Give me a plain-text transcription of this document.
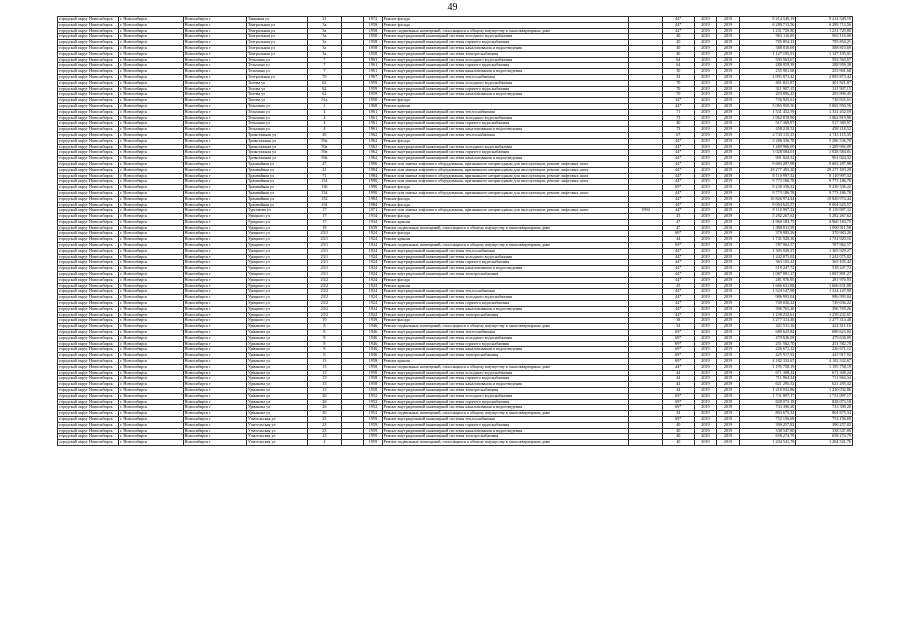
49
городской округ Новосибирск	г. Новосибирск	Новосибирск г	Танковая ул	21		1972	Ремонт фасада		44*	2019	2019	9 214 549,19	9 214 549,19
городской округ Новосибирск	г. Новосибирск	Новосибирск г	Театральная ул	3а		1958	Ремонт фасада		44*	2019	2019	6 289 713,56	6 289 713,56
городской округ Новосибирск	г. Новосибирск	Новосибирск г	Театральная ул	3а		1958	Ремонт подвальных помещений, относящихся к общему имуществу в многоквартирном доме		44*	2019	2019	1 231 729,80	1 231 729,80
городской округ Новосибирск	г. Новосибирск	Новосибирск г	Театральная ул	3а		1958	Ремонт внутридомовой инженерной системы холодного водоснабжения		40	2019	2019	963 116,00	963 116,00
городской округ Новосибирск	г. Новосибирск	Новосибирск г	Театральная ул	3а		1958	Ремонт внутридомовой инженерной системы горячего водоснабжения		40	2019	2019	785 854,21	785 854,21
городской округ Новосибирск	г. Новосибирск	Новосибирск г	Театральная ул	3а		1958	Ремонт внутридомовой инженерной системы канализования и водоотведения		40	2019	2019	588 810,69	588 810,69
городской округ Новосибирск	г. Новосибирск	Новосибирск г	Театральная ул	3а		1958	Ремонт внутридомовой инженерной системы электроснабжения		40	2019	2019	1 127 195,91	1 127 195,91
городской округ Новосибирск	г. Новосибирск	Новосибирск г	Тельмана ул	7		1961	Ремонт внутридомовой инженерной системы холодного водоснабжения		64	2019	2019	593 563,67	593 563,67
городской округ Новосибирск	г. Новосибирск	Новосибирск г	Тельмана ул	7		1961	Ремонт внутридомовой инженерной системы горячего водоснабжения		64	2019	2019	288 959,39	288 959,39
городской округ Новосибирск	г. Новосибирск	Новосибирск г	Тельмана ул	7		1961	Ремонт внутридомовой инженерной системы канализования и водоотведения		30	2019	2019	255 901,68	255 901,68
городской округ Новосибирск	г. Новосибирск	Новосибирск г	Театральная ул	79		1967	Ремонт внутридомовой инженерной системы теплоснабжения		34	2019	2019	2 095 873,42	2 095 873,42
городской округ Новосибирск	г. Новосибирск	Новосибирск г	Титова ул	62		1959	Ремонт внутридомовой инженерной системы холодного водоснабжения		70	2019	2019	401 821,87	401 821,87
городской округ Новосибирск	г. Новосибирск	Новосибирск г	Титова ул	62		1959	Ремонт внутридомовой инженерной системы горячего водоснабжения		70	2019	2019	311 907,15	311 907,15
городской округ Новосибирск	г. Новосибирск	Новосибирск г	Титова ул	62		1959	Ремонт внутридомовой инженерной системы канализования и водоотведения		70	2019	2019	293 896,45	293 896,45
городской округ Новосибирск	г. Новосибирск	Новосибирск г	Титова ул	51а		1958	Ремонт фасада		32*	2019	2019	736 925,61	736 925,61
городской округ Новосибирск	г. Новосибирск	Новосибирск г	Тельмана ул	2		1968	Ремонт крыши		44*	2019	2019	5 065 950,56	5 065 950,56
городской округ Новосибирск	г. Новосибирск	Новосибирск г	Тельмана ул	4		1961	Ремонт внутридомовой инженерной системы теплоснабжения		71	2019	2019	1 331 452,59	1 331 452,59
городской округ Новосибирск	г. Новосибирск	Новосибирск г	Тельмана ул	4		1961	Ремонт внутридомовой инженерной системы холодного водоснабжения		73	2019	2019	1 062 819,90	1 062 819,90
городской округ Новосибирск	г. Новосибирск	Новосибирск г	Тельмана ул	4		1961	Ремонт внутридомовой инженерной системы горячего водоснабжения		40	2019	2019	517 369,97	517 369,97
городской округ Новосибирск	г. Новосибирск	Новосибирск г	Тельмана ул	4		1961	Ремонт внутридомовой инженерной системы канализования и водоотведения		73	2019	2019	458 218,52	458 218,52
городской округ Новосибирск	г. Новосибирск	Новосибирск г	Трикотажная ул	49		1962	Ремонт внутридомовой инженерной системы теплоснабжения		67	2019	2019	2 743 115,35	2 743 115,35
городской округ Новосибирск	г. Новосибирск	Новосибирск г	Трикотажная ул	59а		1962	Ремонт фасада		44*	2019	2019	5 286 336,78	5 286 336,78
городской округ Новосибирск	г. Новосибирск	Новосибирск г	Трикотажная ул	59а		1962	Ремонт внутридомовой инженерной системы холодного водоснабжения		44*	2019	2019	1 269 966,09	1 269 966,09
городской округ Новосибирск	г. Новосибирск	Новосибирск г	Трикотажная ул	59а		1962	Ремонт внутридомовой инженерной системы горячего водоснабжения		44*	2019	2019	1 028 584,01	1 028 584,01
городской округ Новосибирск	г. Новосибирск	Новосибирск г	Трикотажная ул	59а		1962	Ремонт внутридомовой инженерной системы канализования и водоотведения		44*	2019	2019	901 024,32	901 024,32
городской округ Новосибирск	г. Новосибирск	Новосибирск г	Трамвайная ул	47		1990	Ремонт или замена лифтового оборудования, признанного непригодным для эксплуатации, ремонт лифтовых шахт		44*	2019	2019	9 683 287,98	9 683 287,98
городской округ Новосибирск	г. Новосибирск	Новосибирск г	Трамвайная ул	41		1994	Ремонт или замена лифтового оборудования, признанного непригодным для эксплуатации, ремонт лифтовых шахт		44*	2019	2019	29 277 493,20	29 277 493,20
городской округ Новосибирск	г. Новосибирск	Новосибирск г	Трамвайная ул	71		1984	Ремонт или замена лифтового оборудования, признанного непригодным для эксплуатации, ремонт лифтовых шахт		44*	2019	2019	8 110 997,32	8 110 997,32
городской округ Новосибирск	г. Новосибирск	Новосибирск г	Трамвайная ул	134		1990	Ремонт или замена лифтового оборудования, признанного непригодным для эксплуатации, ремонт лифтовых шахт		44*	2019	2019	9 773 186,78	9 773 186,78
городской округ Новосибирск	г. Новосибирск	Новосибирск г	Трамвайная ул	136		1990	Ремонт фасада		69*	2019	2019	9 230 336,22	9 230 336,22
городской округ Новосибирск	г. Новосибирск	Новосибирск г	Трамвайная ул	134		1990	Ремонт или замена лифтового оборудования, признанного непригодным для эксплуатации, ремонт лифтовых шахт		44*	2019	2019	9 773 186,78	9 773 186,78
городской округ Новосибирск	г. Новосибирск	Новосибирск г	Трамвайная ул	152		1984	Ремонт фасада		44*	2019	2019	10 826 974,44	10 826 974,44
городской округ Новосибирск	г. Новосибирск	Новосибирск г	Трамвайная ул	154		1984	Ремонт фасада		44*	2019	2019	9 004 625,57	9 004 625,57
городской округ Новосибирск	г. Новосибирск	Новосибирск г	Тургенева ул	17		1971	Ремонт или замена лифтового оборудования, признанного непригодным для эксплуатации, ремонт лифтовых шахт	1994	44*	2019	2019	8 110 997,32	8 110 997,32
городской округ Новосибирск	г. Новосибирск	Новосибирск г	Урицкого ул	17		1934	Ремонт фасада		43	2019	2019	5 282 267,62	5 282 267,62
городской округ Новосибирск	г. Новосибирск	Новосибирск г	Урицкого ул	17		1934	Ремонт крыши		47	2019	2019	4 960 183,75	4 960 183,75
городской округ Новосибирск	г. Новосибирск	Новосибирск г	Урицкого ул	19		1939	Ремонт подвальных помещений, относящихся к общему имуществу в многоквартирном доме		47	2019	2019	1 090 011,58	1 090 011,58
городской округ Новосибирск	г. Новосибирск	Новосибирск г	Урицкого ул	23/1		1924	Ремонт фасада		69*	2019	2019	370 983,26	370 983,26
городской округ Новосибирск	г. Новосибирск	Новосибирск г	Урицкого ул	23/1		1924	Ремонт крыши		44	2019	2019	1 731 920,16	1 731 920,16
городской округ Новосибирск	г. Новосибирск	Новосибирск г	Урицкого ул	23/1		1924	Ремонт подвальных помещений, относящихся к общему имуществу в многоквартирном доме		69*	2019	2019	787 962,57	787 962,57
городской округ Новосибирск	г. Новосибирск	Новосибирск г	Урицкого ул	23/1		1924	Ремонт внутридомовой инженерной системы теплоснабжения		44*	2019	2019	1 305 929,27	1 305 929,27
городской округ Новосибирск	г. Новосибирск	Новосибирск г	Урицкого ул	23/1		1924	Ремонт внутридомовой инженерной системы холодного водоснабжения		44*	2019	2019	1 242 075,02	1 242 075,02
городской округ Новосибирск	г. Новосибирск	Новосибирск г	Урицкого ул	23/1		1924	Ремонт внутридомовой инженерной системы горячего водоснабжения		44*	2019	2019	363 105,42	363 105,42
городской округ Новосибирск	г. Новосибирск	Новосибирск г	Урицкого ул	23/1		1924	Ремонт внутридомовой инженерной системы канализования и водоотведения		44*	2019	2019	518 247,72	518 247,72
городской округ Новосибирск	г. Новосибирск	Новосибирск г	Урицкого ул	23/1		1924	Ремонт внутридомовой инженерной системы электроснабжения		44*	2019	2019	1 087 891,27	1 087 891,27
городской округ Новосибирск	г. Новосибирск	Новосибирск г	Урицкого ул	23/2		1924	Ремонт фасада		44*	2019	2019	281 976,95	281 976,95
городской округ Новосибирск	г. Новосибирск	Новосибирск г	Урицкого ул	23/2		1924	Ремонт крыши		45	2019	2019	1 666 631,88	1 666 631,88
городской округ Новосибирск	г. Новосибирск	Новосибирск г	Урицкого ул	23/2		1924	Ремонт внутридомовой инженерной системы теплоснабжения		44*	2019	2019	1 324 147,90	1 324 147,90
городской округ Новосибирск	г. Новосибирск	Новосибирск г	Урицкого ул	23/2		1924	Ремонт внутридомовой инженерной системы холодного водоснабжения		44*	2019	2019	986 993,04	986 993,04
городской округ Новосибирск	г. Новосибирск	Новосибирск г	Урицкого ул	23/2		1924	Ремонт внутридомовой инженерной системы горячего водоснабжения		44*	2019	2019	749 036,22	749 036,22
городской округ Новосибирск	г. Новосибирск	Новосибирск г	Урицкого ул	23/2		1924	Ремонт внутридомовой инженерной системы канализования и водоотведения		44*	2019	2019	396 765,26	396 765,26
городской округ Новосибирск	г. Новосибирск	Новосибирск г	Урицкого ул	23/2		1924	Ремонт внутридомовой инженерной системы электроснабжения		44*	2019	2019	1 239 232,61	1 239 232,61
городской округ Новосибирск	г. Новосибирск	Новосибирск г	Урицкого ул	19		1939	Ремонт фасада		38	2019	2019	1 277 313,48	1 277 313,48
городской округ Новосибирск	г. Новосибирск	Новосибирск г	Урманова ул	8		1946	Ремонт подвальных помещений, относящихся к общему имуществу в многоквартирном доме		34	2019	2019	421 511,16	421 511,16
городской округ Новосибирск	г. Новосибирск	Новосибирск г	Урманова ул	8		1946	Ремонт внутридомовой инженерной системы теплоснабжения		69*	2019	2019	680 623,84	680 623,84
городской округ Новосибирск	г. Новосибирск	Новосибирск г	Урманова ул	8		1946	Ремонт внутридомовой инженерной системы холодного водоснабжения		69*	2019	2019	479 636,09	479 636,09
городской округ Новосибирск	г. Новосибирск	Новосибирск г	Урманова ул	8		1946	Ремонт внутридомовой инженерной системы горячего водоснабжения		69*	2019	2019	251 582,70	251 582,70
городской округ Новосибирск	г. Новосибирск	Новосибирск г	Урманова ул	8		1946	Ремонт внутридомовой инженерной системы канализования и водоотведения		69*	2019	2019	226 671,12	226 671,12
городской округ Новосибирск	г. Новосибирск	Новосибирск г	Урманова ул	8		1946	Ремонт внутридомовой инженерной системы электроснабжения		69*	2019	2019	425 917,92	425 917,92
городской округ Новосибирск	г. Новосибирск	Новосибирск г	Урманова ул	13		1958	Ремонт крыши		69*	2019	2019	4 182 332,67	4 182 332,67
городской округ Новосибирск	г. Новосибирск	Новосибирск г	Урманова ул	13		1958	Ремонт подвальных помещений, относящихся к общему имуществу в многоквартирном доме		44*	2019	2019	1 195 758,19	1 195 758,19
городской округ Новосибирск	г. Новосибирск	Новосибирск г	Урманова ул	13		1958	Ремонт внутридомовой инженерной системы холодного водоснабжения		44	2019	2019	671 308,24	671 308,24
городской округ Новосибирск	г. Новосибирск	Новосибирск г	Урманова ул	13		1958	Ремонт внутридомовой инженерной системы горячего водоснабжения		44	2019	2019	711 964,34	711 964,34
городской округ Новосибирск	г. Новосибирск	Новосибирск г	Урманова ул	13		1958	Ремонт внутридомовой инженерной системы канализования и водоотведения		44	2019	2019	621 295,32	621 295,32
городской округ Новосибирск	г. Новосибирск	Новосибирск г	Урманова ул	13		1958	Ремонт внутридомовой инженерной системы электроснабжения		44	2019	2019	1 210 032,86	1 210 032,86
городской округ Новосибирск	г. Новосибирск	Новосибирск г	Урманова ул	26		1952	Ремонт внутридомовой инженерной системы холодного водоснабжения		69*	2019	2019	1 731 097,17	1 731 097,17
городской округ Новосибирск	г. Новосибирск	Новосибирск г	Урманова ул	26		1952	Ремонт внутридомовой инженерной системы горячего водоснабжения		69*	2019	2019	828 073,18	828 073,18
городской округ Новосибирск	г. Новосибирск	Новосибирск г	Урманова ул	26		1952	Ремонт внутридомовой инженерной системы канализования и водоотведения		69*	2019	2019	733 390,20	733 390,20
городской округ Новосибирск	г. Новосибирск	Новосибирск г	Урманова ул	26		1952	Ремонт подвальных помещений, относящихся к общему имуществу в многоквартирном доме		34	2019	2019	804 675,34	804 675,34
городской округ Новосибирск	г. Новосибирск	Новосибирск г	Учительская ул	23		1959	Ремонт внутридомовой инженерной системы теплоснабжения		69*	2019	2019	752 156,69	752 156,69
городской округ Новосибирск	г. Новосибирск	Новосибирск г	Учительская ул	23		1959	Ремонт внутридомовой инженерной системы горячего водоснабжения		40	2019	2019	390 257,82	390 257,82
городской округ Новосибирск	г. Новосибирск	Новосибирск г	Учительская ул	23		1959	Ремонт внутридомовой инженерной системы канализования и водоотведения		40	2019	2019	338 547,80	338 547,80
городской округ Новосибирск	г. Новосибирск	Новосибирск г	Учительская ул	23		1959	Ремонт внутридомовой инженерной системы электроснабжения		40	2019	2019	658 274,79	658 274,79
городской округ Новосибирск	г. Новосибирск	Новосибирск г	Учительская ул	2		1959	Ремонт подвальных помещений, относящихся к общему имуществу в многоквартирном доме		40	2019	2019	1 204 541,76	1 204 541,76
